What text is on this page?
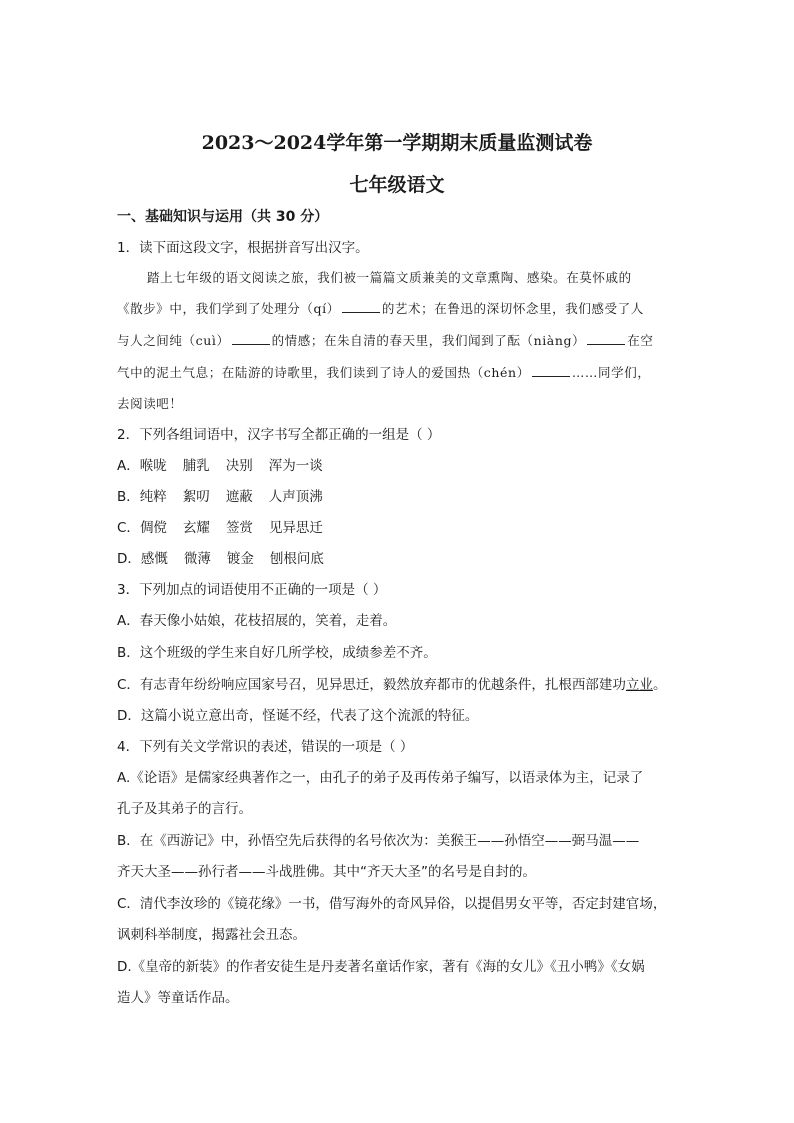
2023～2024学年第一学期期末质量监测试卷
七年级语文
一、基础知识与运用（共 30 分）
1．读下面这段文字，根据拼音写出汉字。
踏上七年级的语文阅读之旅，我们被一篇篇文质兼美的文章熏陶、感染。在莫怀戚的
《散步》中，我们学到了处理分（qí）	的艺术；在鲁迅的深切怀念里，我们感受了人
与人之间纯（cuì）	的情感；在朱自清的春天里，我们闻到了酝（niàng）	在空
气中的泥土气息；在陆游的诗歌里，我们读到了诗人的爱国热（chén）	……同学们，
去阅读吧！
2．下列各组词语中，汉字书写全都正确的一组是（ ）
A．喉咙 脯乳 决别 浑为一谈
B．纯粹 絮叨 遮蔽 人声顶沸
C．倜傥 玄耀 签赏 见异思迁
D．感慨 微薄 镀金 刨根问底
3．下列加点的词语使用不正确的一项是（ ）
A．春天像小姑娘，花枝招展的，笑着，走着。
B．这个班级的学生来自好几所学校，成绩参差不齐。
C．有志青年纷纷响应国家号召，见异思迁，毅然放弃都市的优越条件，扎根西部建功立业。
D．这篇小说立意出奇，怪诞不经，代表了这个流派的特征。
4．下列有关文学常识的表述，错误的一项是（ ）
A.《论语》是儒家经典著作之一，由孔子的弟子及再传弟子编写，以语录体为主，记录了
孔子及其弟子的言行。
B．在《西游记》中，孙悟空先后获得的名号依次为：美猴王——孙悟空——弼马温——
齐天大圣——孙行者——斗战胜佛。其中“齐天大圣”的名号是自封的。
C．清代李汝珍的《镜花缘》一书，借写海外的奇风异俗，以提倡男女平等，否定封建官场，
讽刺科举制度，揭露社会丑态。
D.《皇帝的新装》的作者安徒生是丹麦著名童话作家，著有《海的女儿》《丑小鸭》《女娲
造人》等童话作品。
